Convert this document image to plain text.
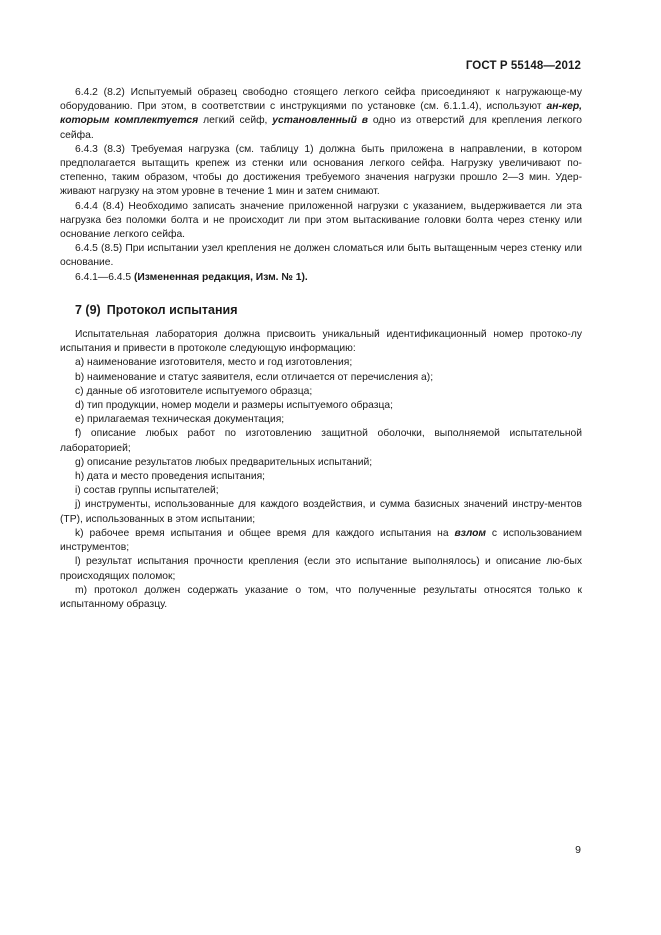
ГОСТ Р 55148—2012

6.4.2 (8.2) Испытуемый образец свободно стоящего легкого сейфа присоединяют к нагружающе-му оборудованию. При этом, в соответствии с инструкциями по установке (см. 6.1.1.4), используют ан-кер, которым комплектуется легкий сейф, установленный в одно из отверстий для крепления легкого сейфа.

6.4.3 (8.3) Требуемая нагрузка (см. таблицу 1) должна быть приложена в направлении, в котором предполагается вытащить крепеж из стенки или основания легкого сейфа. Нагрузку увеличивают по-степенно, таким образом, чтобы до достижения требуемого значения нагрузки прошло 2—3 мин. Удер-живают нагрузку на этом уровне в течение 1 мин и затем снимают.

6.4.4 (8.4) Необходимо записать значение приложенной нагрузки с указанием, выдерживается ли эта нагрузка без поломки болта и не происходит ли при этом вытаскивание головки болта через стенку или основание легкого сейфа.

6.4.5 (8.5) При испытании узел крепления не должен сломаться или быть вытащенным через стенку или основание.

6.4.1—6.4.5 (Измененная редакция, Изм. № 1).

7 (9) Протокол испытания

Испытательная лаборатория должна присвоить уникальный идентификационный номер протоко-лу испытания и привести в протоколе следующую информацию:

a) наименование изготовителя, место и год изготовления;

b) наименование и статус заявителя, если отличается от перечисления а);

c) данные об изготовителе испытуемого образца;

d) тип продукции, номер модели и размеры испытуемого образца;

e) прилагаемая техническая документация;

f) описание любых работ по изготовлению защитной оболочки, выполняемой испытательной лабораторией;

g) описание результатов любых предварительных испытаний;

h) дата и место проведения испытания;

i) состав группы испытателей;

j) инструменты, использованные для каждого воздействия, и сумма базисных значений инстру-ментов (ТР), использованных в этом испытании;

k) рабочее время испытания и общее время для каждого испытания на взлом с использованием инструментов;

l) результат испытания прочности крепления (если это испытание выполнялось) и описание лю-бых происходящих поломок;

m) протокол должен содержать указание о том, что полученные результаты относятся только к испытанному образцу.

9
